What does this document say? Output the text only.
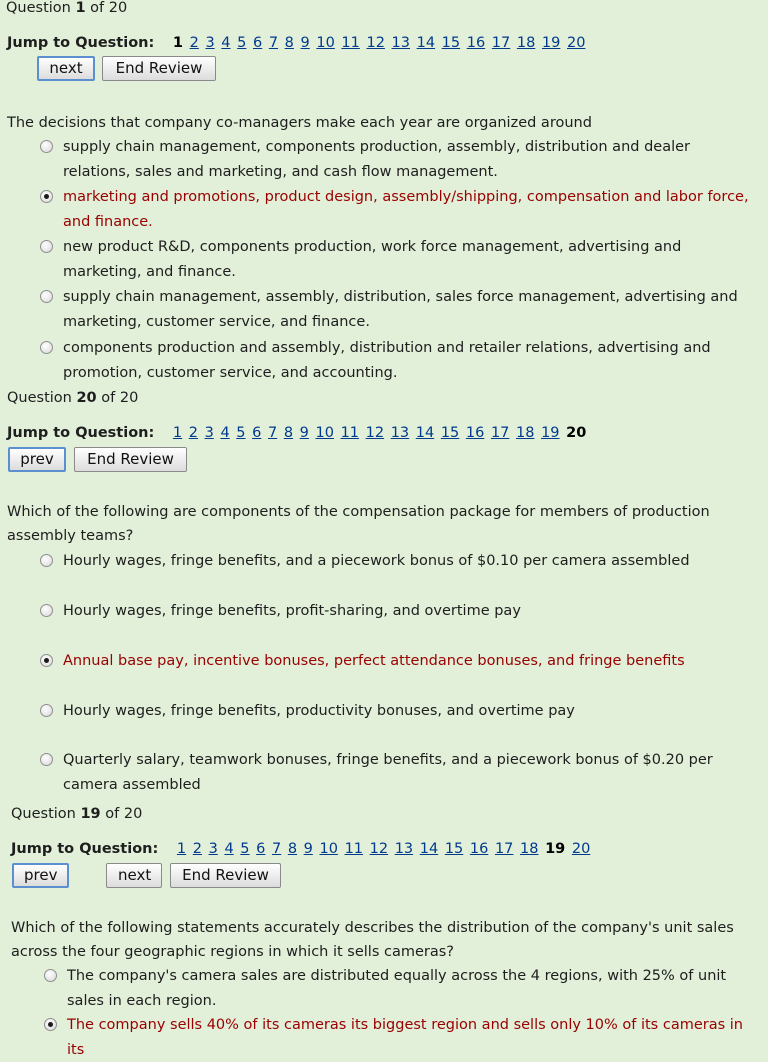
Question 1 of 20
Jump to Question: 1 2 3 4 5 6 7 8 9 10 11 12 13 14 15 16 17 18 19 20
next	End Review
The decisions that company co-managers make each year are organized around
supply chain management, components production, assembly, distribution and dealer relations, sales and marketing, and cash flow management.
marketing and promotions, product design, assembly/shipping, compensation and labor force, and finance.
new product R&D, components production, work force management, advertising and marketing, and finance.
supply chain management, assembly, distribution, sales force management, advertising and marketing, customer service, and finance.
components production and assembly, distribution and retailer relations, advertising and promotion, customer service, and accounting.
Question 20 of 20
Jump to Question: 1 2 3 4 5 6 7 8 9 10 11 12 13 14 15 16 17 18 19 20
prev	End Review
Which of the following are components of the compensation package for members of production assembly teams?
Hourly wages, fringe benefits, and a piecework bonus of $0.10 per camera assembled
Hourly wages, fringe benefits, profit-sharing, and overtime pay
Annual base pay, incentive bonuses, perfect attendance bonuses, and fringe benefits
Hourly wages, fringe benefits, productivity bonuses, and overtime pay
Quarterly salary, teamwork bonuses, fringe benefits, and a piecework bonus of $0.20 per camera assembled
Question 19 of 20
Jump to Question: 1 2 3 4 5 6 7 8 9 10 11 12 13 14 15 16 17 18 19 20
prev	next	End Review
Which of the following statements accurately describes the distribution of the company's unit sales across the four geographic regions in which it sells cameras?
The company's camera sales are distributed equally across the 4 regions, with 25% of unit sales in each region.
The company sells 40% of its cameras its biggest region and sells only 10% of its cameras in its
